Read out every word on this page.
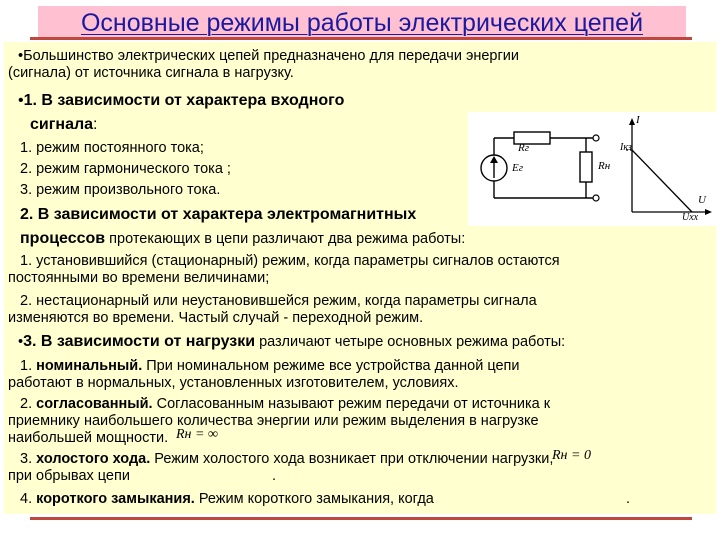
Основные режимы работы электрических цепей
•Большинство электрических цепей предназначено для передачи энергии
(сигнала) от источника сигнала в нагрузку.
•1. В зависимости от характера входного
сигнала:
1. режим постоянного тока;
2. режим гармонического тока ;
3. режим произвольного тока.
2. В зависимости от характера электромагнитных
процессов протекающих в цепи различают два режима работы:
1. установившийся (стационарный) режим, когда параметры сигналов остаются
постоянными во времени величинами;
2. нестационарный или неустановившейся режим, когда параметры сигнала
изменяются во времени. Частый случай - переходной режим.
•3. В зависимости от нагрузки различают четыре основных режима работы:
1. номинальный. При номинальном режиме все устройства данной цепи
работают в нормальных, установленных изготовителем, условиях.
2. согласованный. Согласованным называют режим передачи от источника к
приемнику наибольшего количества энергии или режим выделения в нагрузке
наибольшей мощности. Rн = ∞
3. холостого хода. Режим холостого хода возникает при отключении нагрузки,
Rн = 0
при обрывах цепи	.
4. короткого замыкания. Режим короткого замыкания, когда	.
Rг
Eг	Rн
I
Iкз
U
Uхх
